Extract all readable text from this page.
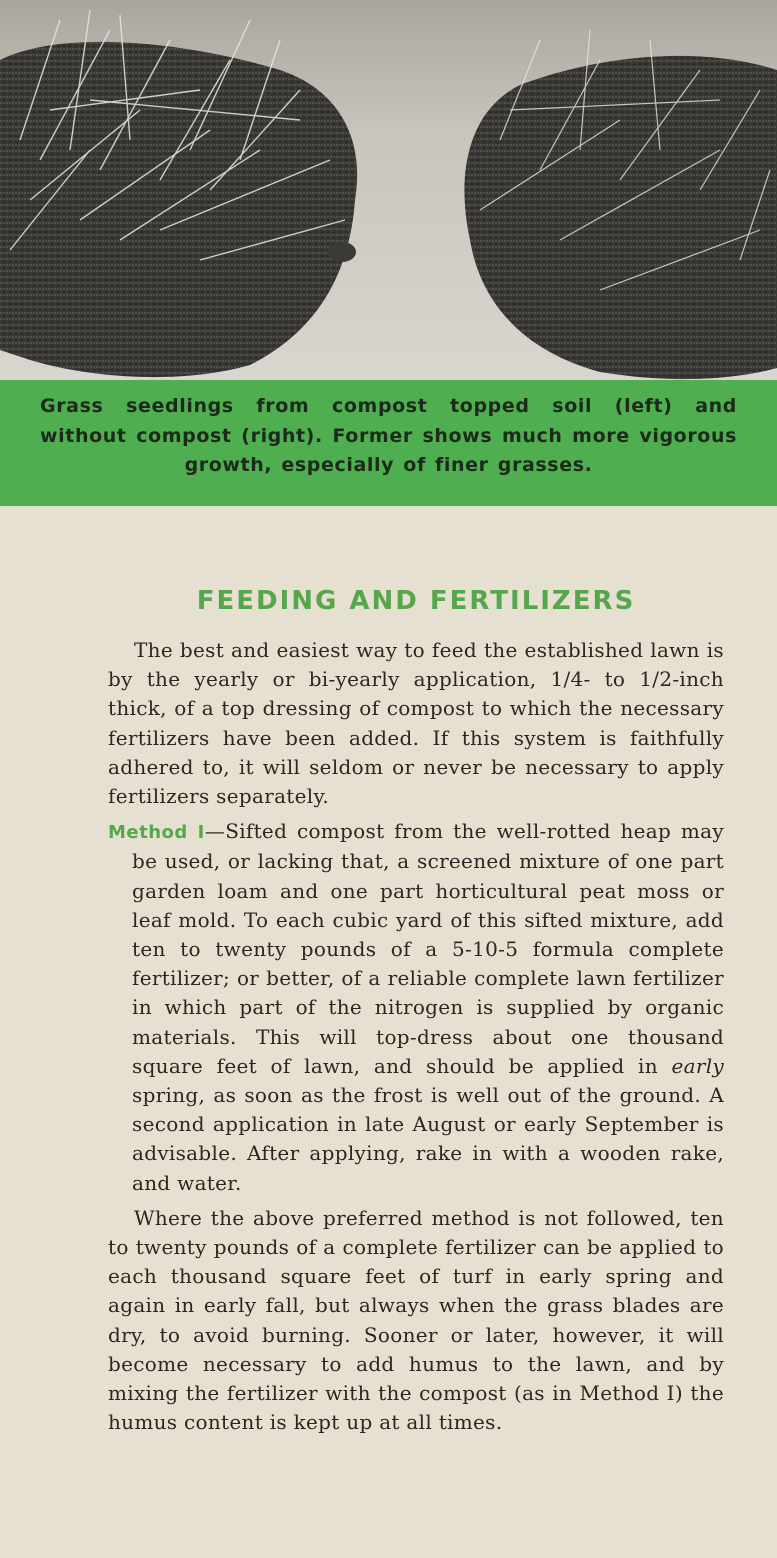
Grass seedlings from compost topped soil (left) and without compost (right). Former shows much more vigorous growth, especially of finer grasses.

FEEDING AND FERTILIZERS

The best and easiest way to feed the established lawn is by the yearly or bi-yearly application, 1/4- to 1/2-inch thick, of a top dressing of compost to which the necessary fertilizers have been added. If this system is faithfully adhered to, it will seldom or never be necessary to apply fertilizers separately.

Method I—Sifted compost from the well-rotted heap may be used, or lacking that, a screened mixture of one part garden loam and one part horticultural peat moss or leaf mold. To each cubic yard of this sifted mixture, add ten to twenty pounds of a 5-10-5 formula complete fertilizer; or better, of a reliable complete lawn fertilizer in which part of the nitrogen is supplied by organic materials. This will top-dress about one thousand square feet of lawn, and should be applied in early spring, as soon as the frost is well out of the ground. A second application in late August or early September is advisable. After applying, rake in with a wooden rake, and water.

Where the above preferred method is not followed, ten to twenty pounds of a complete fertilizer can be applied to each thousand square feet of turf in early spring and again in early fall, but always when the grass blades are dry, to avoid burning. Sooner or later, however, it will become necessary to add humus to the lawn, and by mixing the fertilizer with the compost (as in Method I) the humus content is kept up at all times.
